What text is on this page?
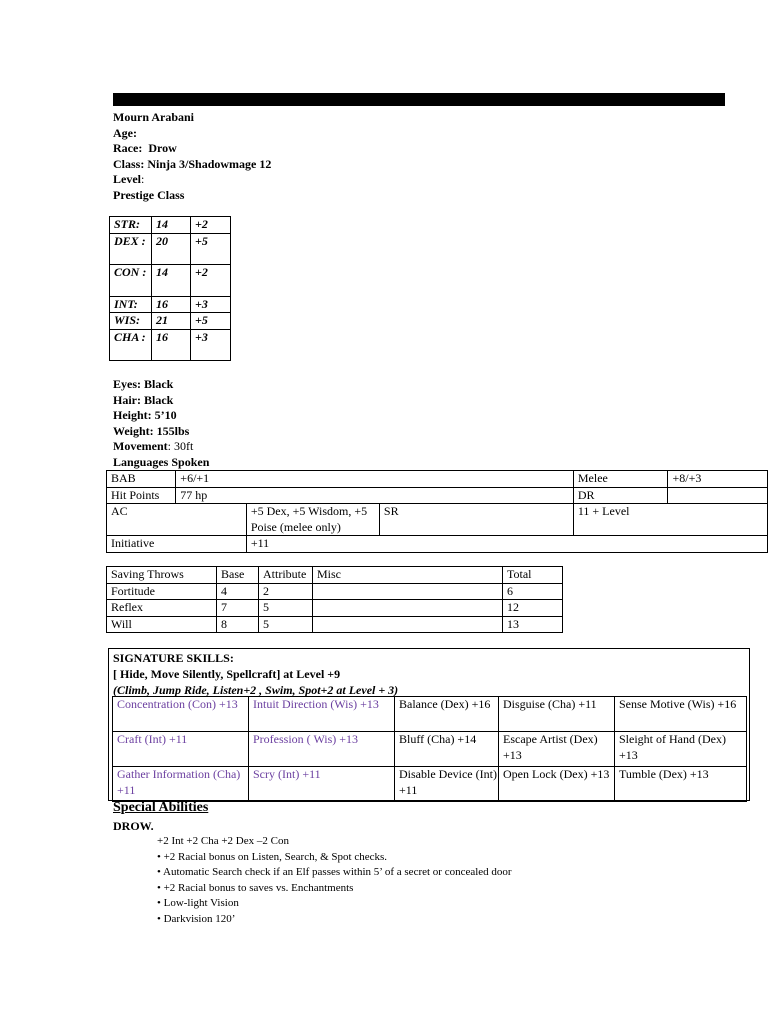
Mourn Arabani
Age:
Race: Drow
Class: Ninja 3/Shadowmage 12
Level:
Prestige Class
STR:	14	+2
DEX :	20	+5
CON :	14	+2
INT:	16	+3
WIS:	21	+5
CHA :	16	+3
Eyes: Black
Hair: Black
Height: 5’10
Weight: 155lbs
Movement: 30ft
Languages Spoken
BAB	+6/+1			Melee	+8/+3
Hit Points	77 hp			DR	
AC		+5 Dex, +5 Wisdom, +5 Poise (melee only)	SR	11 + Level	
Initiative		+11			
Saving Throws	Base	Attribute	Misc	Total
Fortitude	4	2		6
Reflex	7	5		12
Will	8	5		13
SIGNATURE SKILLS:
[ Hide, Move Silently, Spellcraft] at Level +9
(Climb, Jump Ride, Listen+2 , Swim, Spot+2 at Level + 3)
Concentration (Con) +13	Intuit Direction (Wis) +13	Balance (Dex) +16	Disguise (Cha) +11	Sense Motive (Wis) +16
Craft (Int) +11	Profession ( Wis) +13	Bluff (Cha) +14	Escape Artist (Dex) +13	Sleight of Hand (Dex) +13
Gather Information (Cha) +11	Scry (Int) +11	Disable Device (Int) +11	Open Lock (Dex) +13	Tumble (Dex) +13
Special Abilities
DROW.
+2 Int +2 Cha +2 Dex –2 Con
• +2 Racial bonus on Listen, Search, & Spot checks.
• Automatic Search check if an Elf passes within 5’ of a secret or concealed door
• +2 Racial bonus to saves vs. Enchantments
• Low-light Vision
• Darkvision 120’
